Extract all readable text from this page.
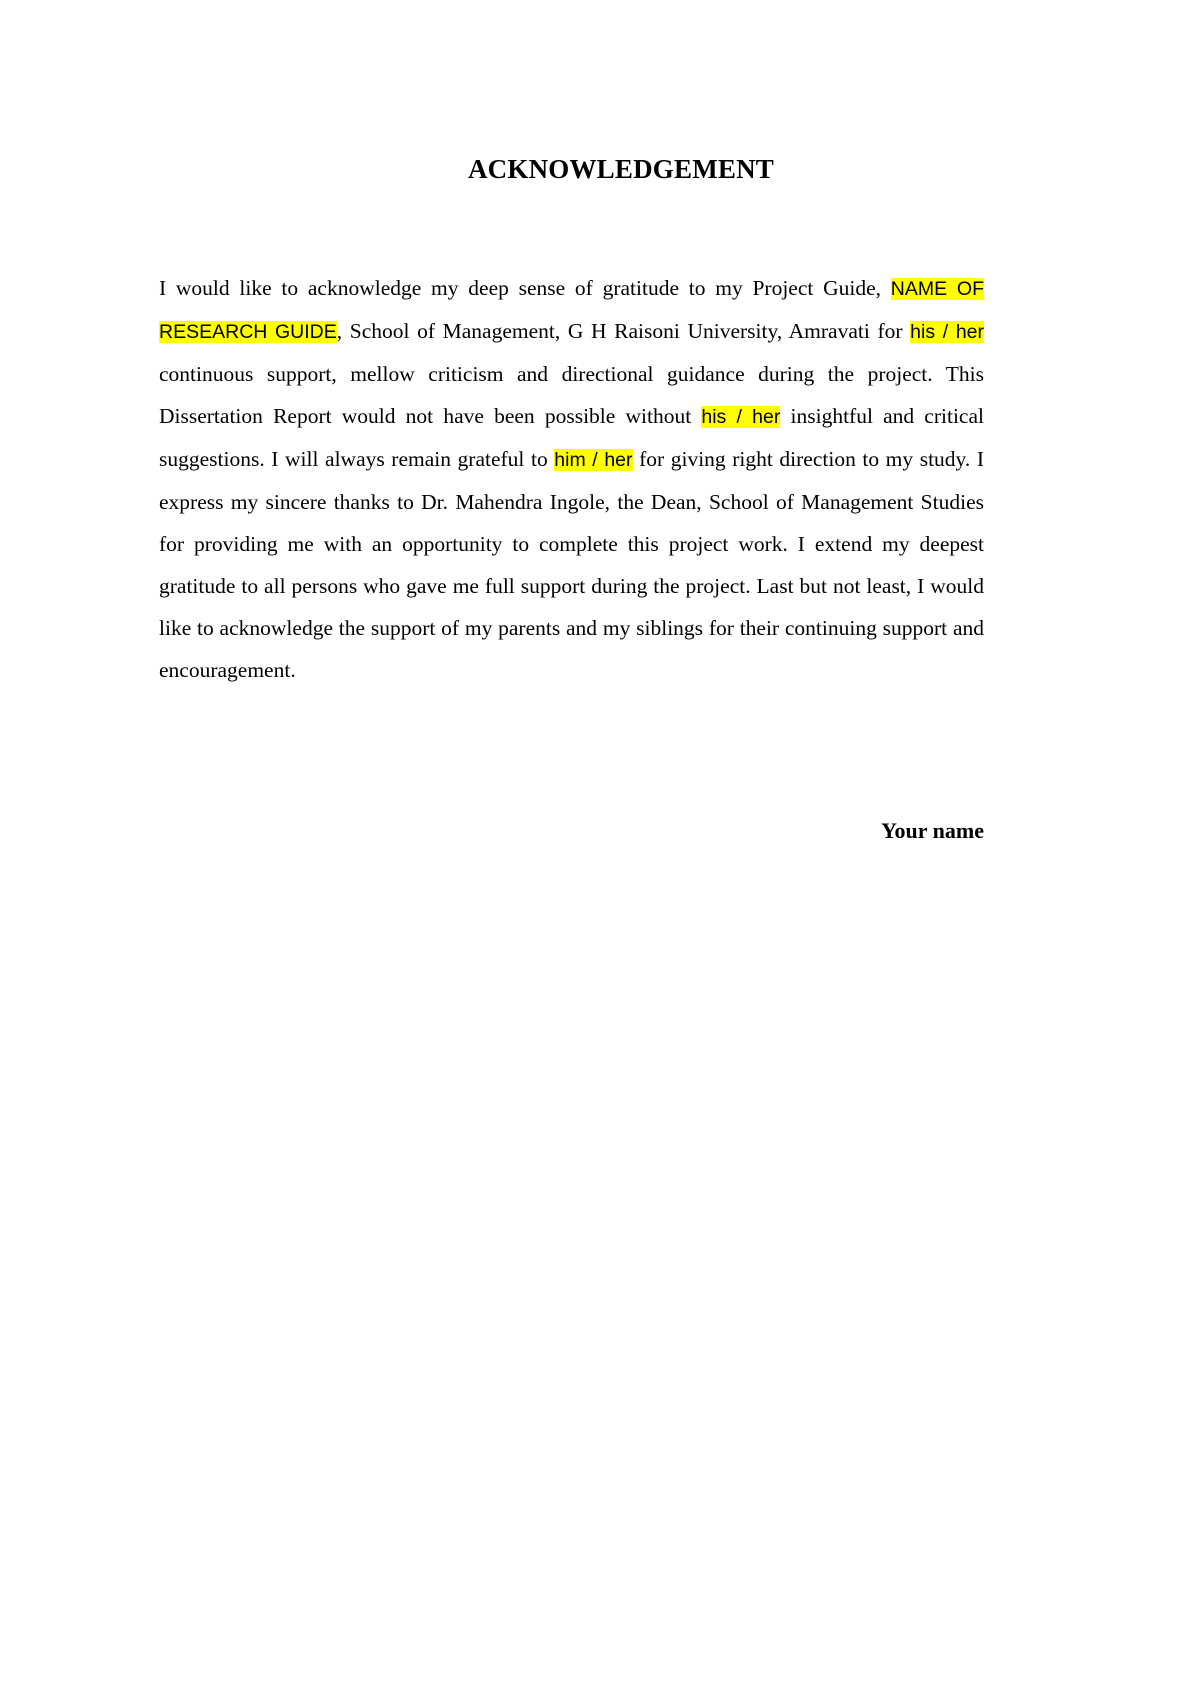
ACKNOWLEDGEMENT
I would like to acknowledge my deep sense of gratitude to my Project Guide, NAME OF RESEARCH GUIDE, School of Management, G H Raisoni University, Amravati for his / her continuous support, mellow criticism and directional guidance during the project. This Dissertation Report would not have been possible without his / her insightful and critical suggestions. I will always remain grateful to him / her for giving right direction to my study. I express my sincere thanks to Dr. Mahendra Ingole, the Dean, School of Management Studies for providing me with an opportunity to complete this project work. I extend my deepest gratitude to all persons who gave me full support during the project. Last but not least, I would like to acknowledge the support of my parents and my siblings for their continuing support and encouragement.
Your name
